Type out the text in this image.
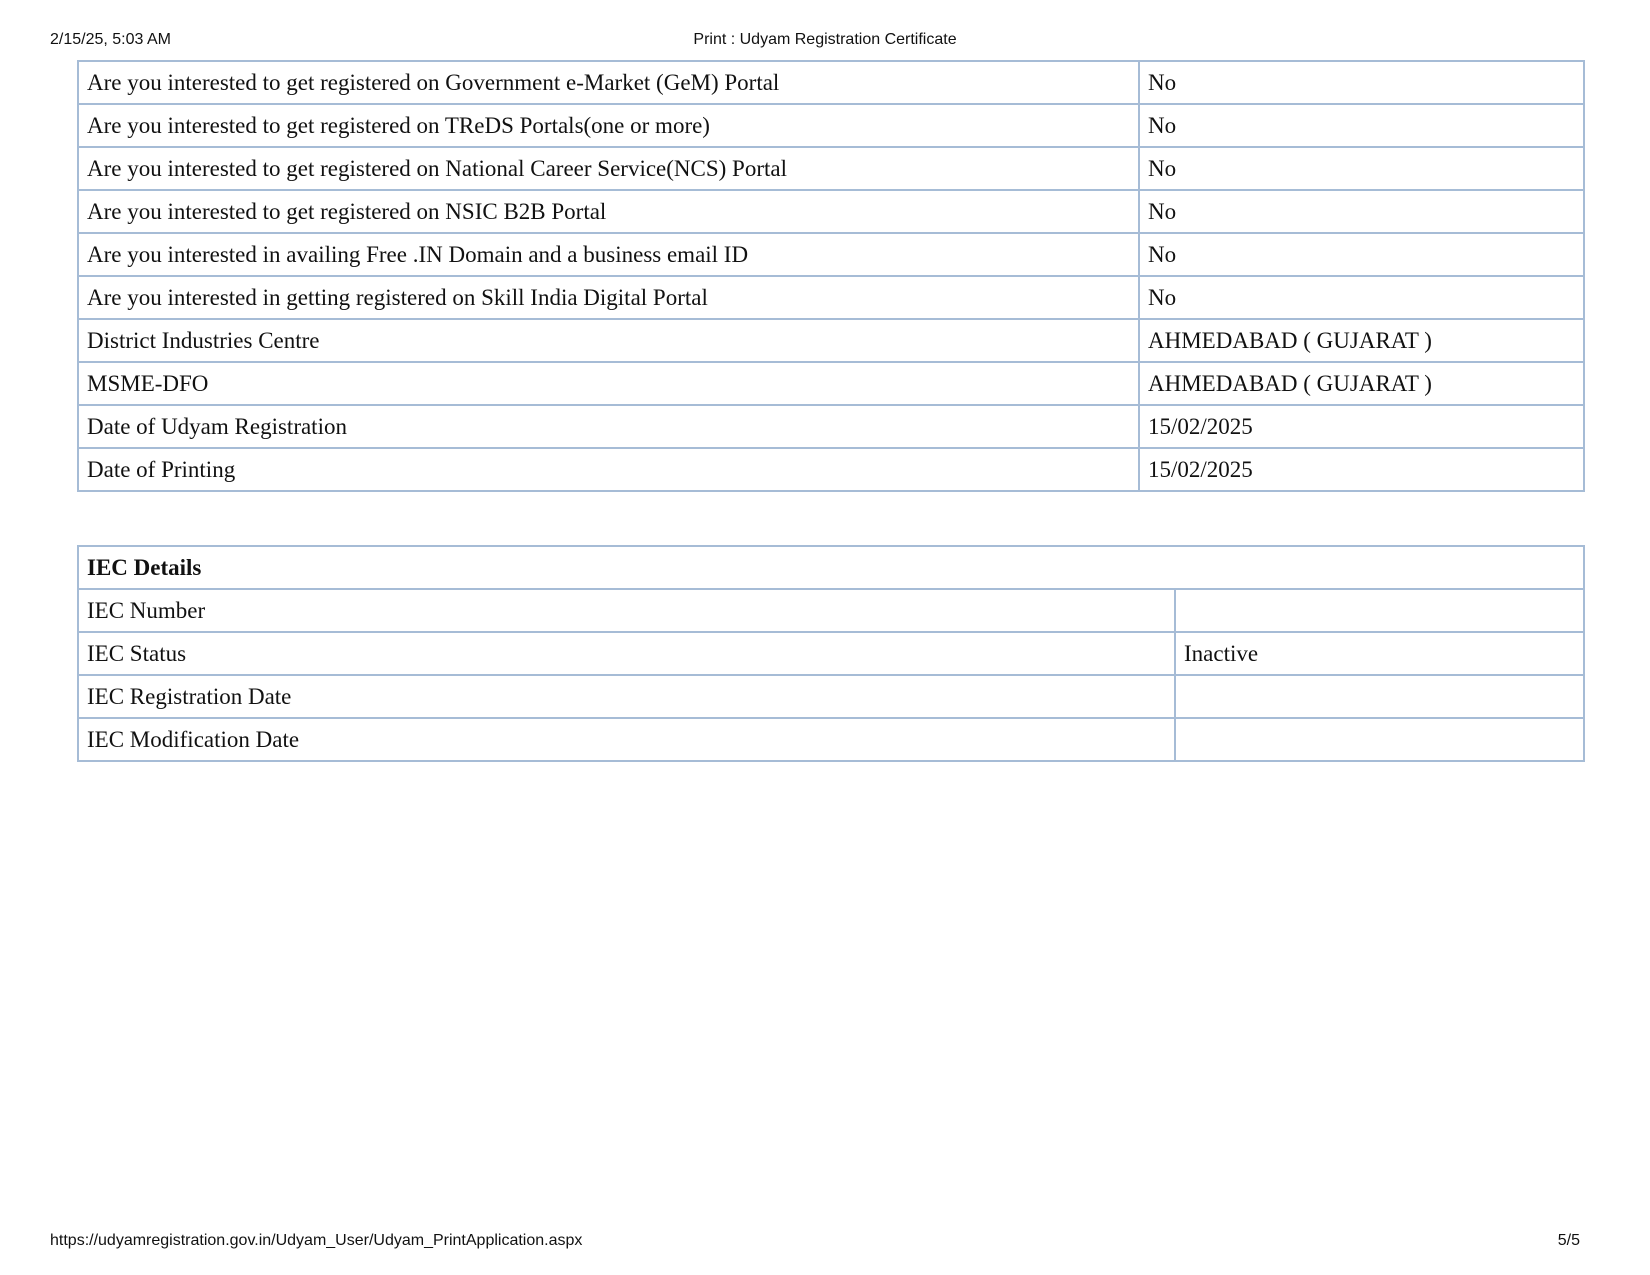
2/15/25, 5:03 AM	Print : Udyam Registration Certificate
Are you interested to get registered on Government e-Market (GeM) Portal	No
Are you interested to get registered on TReDS Portals(one or more)	No
Are you interested to get registered on National Career Service(NCS) Portal	No
Are you interested to get registered on NSIC B2B Portal	No
Are you interested in availing Free .IN Domain and a business email ID	No
Are you interested in getting registered on Skill India Digital Portal	No
District Industries Centre	AHMEDABAD ( GUJARAT )
MSME-DFO	AHMEDABAD ( GUJARAT )
Date of Udyam Registration	15/02/2025
Date of Printing	15/02/2025
IEC Details	
IEC Number	
IEC Status	Inactive
IEC Registration Date	
IEC Modification Date	
https://udyamregistration.gov.in/Udyam_User/Udyam_PrintApplication.aspx	5/5
